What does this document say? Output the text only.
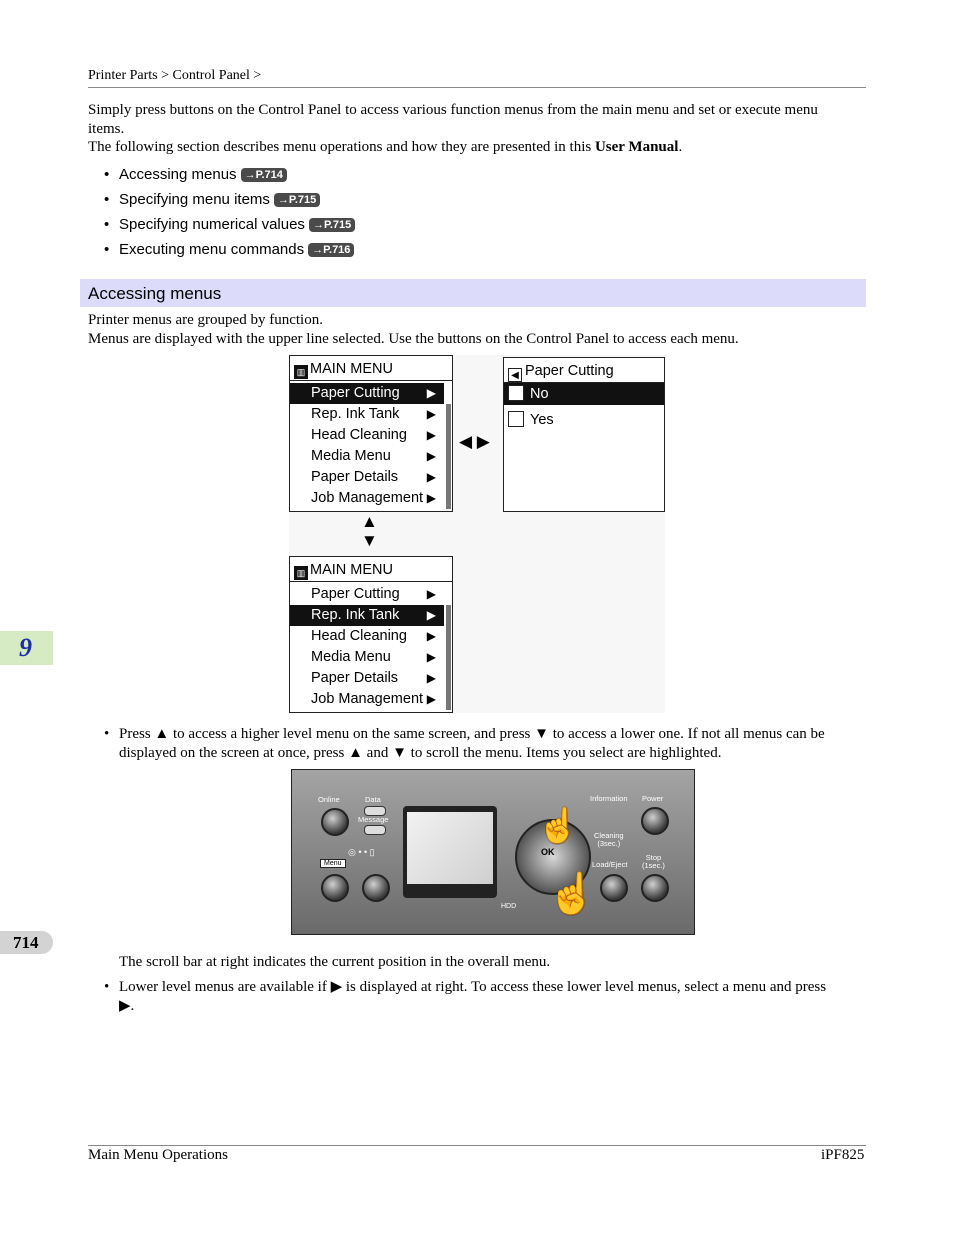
Printer Parts > Control Panel >
Simply press buttons on the Control Panel to access various function menus from the main menu and set or execute menu
items.
The following section describes menu operations and how they are presented in this User Manual.
• Accessing menus →P.714
• Specifying menu items →P.715
• Specifying numerical values →P.715
• Executing menu commands →P.716
Accessing menus
Printer menus are grouped by function.
Menus are displayed with the upper line selected. Use the buttons on the Control Panel to access each menu.
▥ MAIN MENU
Paper Cutting ▶
Rep. Ink Tank ▶
Head Cleaning ▶
Media Menu	▶
Paper Details ▶
Job Management ▶
◀ ▶
◀ Paper Cutting
No
Yes
▲
▼
▥ MAIN MENU
Paper Cutting ▶
Rep. Ink Tank ▶
Head Cleaning ▶
Media Menu	▶
Paper Details ▶
Job Management ▶
• Press ▲ to access a higher level menu on the same screen, and press ▼ to access a lower one. If not all menus can be
displayed on the screen at once, press ▲ and ▼ to scroll the menu. Items you select are highlighted.
Online	Data
Message
◎ • • ▯
Menu
HDD
OK
☝
☝
Information Power
Cleaning
(3sec.)
Load/Eject
Stop
(1sec.)
The scroll bar at right indicates the current position in the overall menu.
• Lower level menus are available if ▶ is displayed at right. To access these lower level menus, select a menu and press
▶.
9
714
Main Menu Operations	iPF825
